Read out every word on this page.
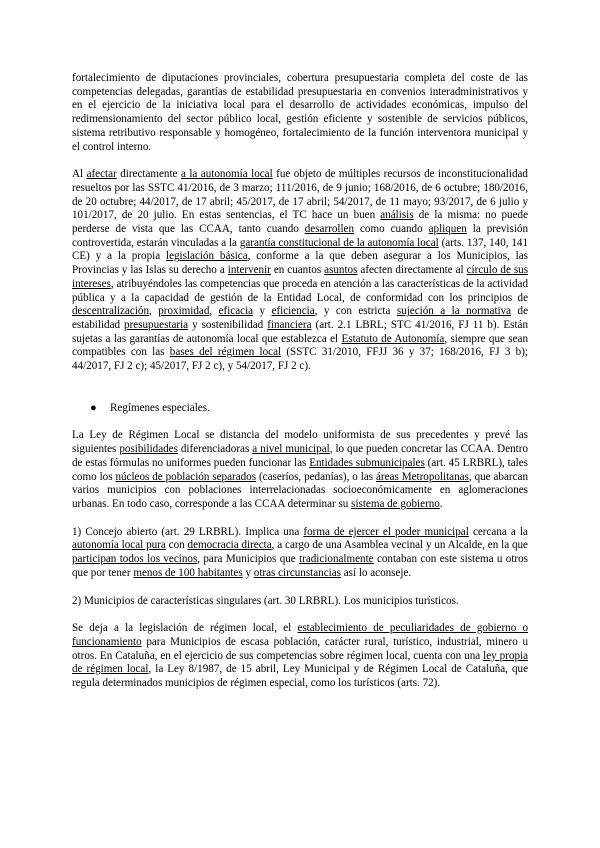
fortalecimiento de diputaciones provinciales, cobertura presupuestaria completa del coste de las competencias delegadas, garantías de estabilidad presupuestaria en convenios interadministrativos y en el ejercicio de la iniciativa local para el desarrollo de actividades económicas, impulso del redimensionamiento del sector público local, gestión eficiente y sostenible de servicios públicos, sistema retributivo responsable y homogéneo, fortalecimiento de la función interventora municipal y el control interno.

Al afectar directamente a la autonomía local fue objeto de múltiples recursos de inconstitucionalidad resueltos por las SSTC 41/2016, de 3 marzo; 111/2016, de 9 junio; 168/2016, de 6 octubre; 180/2016, de 20 octubre; 44/2017, de 17 abril; 45/2017, de 17 abril; 54/2017, de 11 mayo; 93/2017, de 6 julio y 101/2017, de 20 julio. En estas sentencias, el TC hace un buen análisis de la misma: no puede perderse de vista que las CCAA, tanto cuando desarrollen como cuando apliquen la previsión controvertida, estarán vinculadas a la garantía constitucional de la autonomía local (arts. 137, 140, 141 CE) y a la propia legislación básica, conforme a la que deben asegurar a los Municipios, las Provincias y las Islas su derecho a intervenir en cuantos asuntos afecten directamente al círculo de sus intereses, atribuyéndoles las competencias que proceda en atención a las características de la actividad pública y a la capacidad de gestión de la Entidad Local, de conformidad con los principios de descentralización, proximidad, eficacia y eficiencia, y con estricta sujeción a la normativa de estabilidad presupuestaria y sostenibilidad financiera (art. 2.1 LBRL; STC 41/2016, FJ 11 b). Están sujetas a las garantías de autonomía local que establezca el Estatuto de Autonomía, siempre que sean compatibles con las bases del régimen local (SSTC 31/2010, FFJJ 36 y 37; 168/2016, FJ 3 b); 44/2017, FJ 2 c); 45/2017, FJ 2 c), y 54/2017, FJ 2 c).

● Regímenes especiales.

La Ley de Régimen Local se distancia del modelo uniformista de sus precedentes y prevé las siguientes posibilidades diferenciadoras a nivel municipal, lo que pueden concretar las CCAA. Dentro de estas fórmulas no uniformes pueden funcionar las Entidades submunicipales (art. 45 LRBRL), tales como los núcleos de población separados (caseríos, pedanías), o las áreas Metropolitanas, que abarcan varios municipios con poblaciones interrelacionadas socioeconómicamente en aglomeraciones urbanas. En todo caso, corresponde a las CCAA determinar su sistema de gobierno.

1) Concejo abierto (art. 29 LRBRL). Implica una forma de ejercer el poder municipal cercana a la autonomía local pura con democracia directa, a cargo de una Asamblea vecinal y un Alcalde, en la que participan todos los vecinos, para Municipios que tradicionalmente contaban con este sistema u otros que por tener menos de 100 habitantes y otras circunstancias así lo aconseje.

2) Municipios de características singulares (art. 30 LRBRL). Los municipios turísticos.

Se deja a la legislación de régimen local, el establecimiento de peculiaridades de gobierno o funcionamiento para Municipios de escasa población, carácter rural, turístico, industrial, minero u otros. En Cataluña, en el ejercicio de sus competencias sobre régimen local, cuenta con una ley propia de régimen local, la Ley 8/1987, de 15 abril, Ley Municipal y de Régimen Local de Cataluña, que regula determinados municipios de régimen especial, como los turísticos (arts. 72).
